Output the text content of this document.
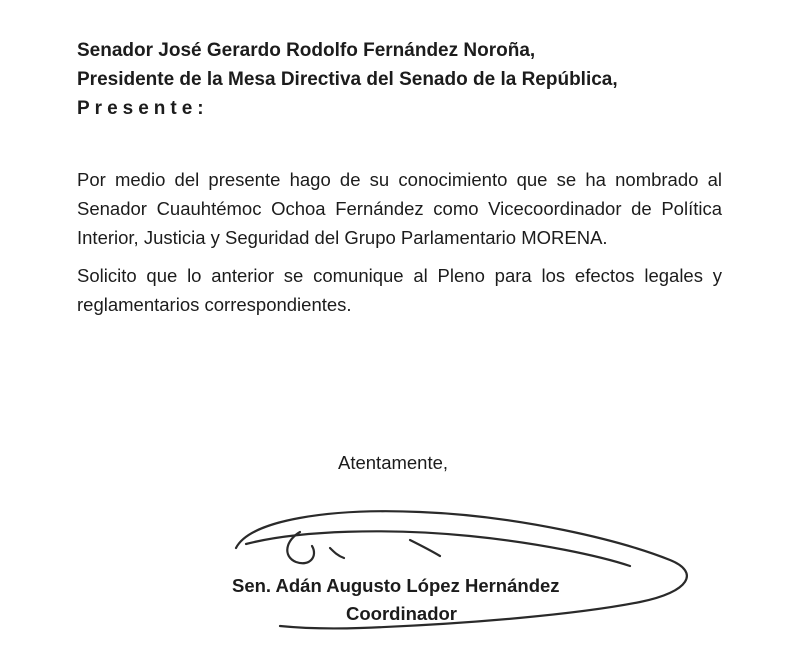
Senador José Gerardo Rodolfo Fernández Noroña,
Presidente de la Mesa Directiva del Senado de la República,
Presente:

Por medio del presente hago de su conocimiento que se ha nombrado al Senador Cuauhtémoc Ochoa Fernández como Vicecoordinador de Política Interior, Justicia y Seguridad del Grupo Parlamentario MORENA.

Solicito que lo anterior se comunique al Pleno para los efectos legales y reglamentarios correspondientes.

Atentamente,
Sen. Adán Augusto López Hernández
Coordinador
